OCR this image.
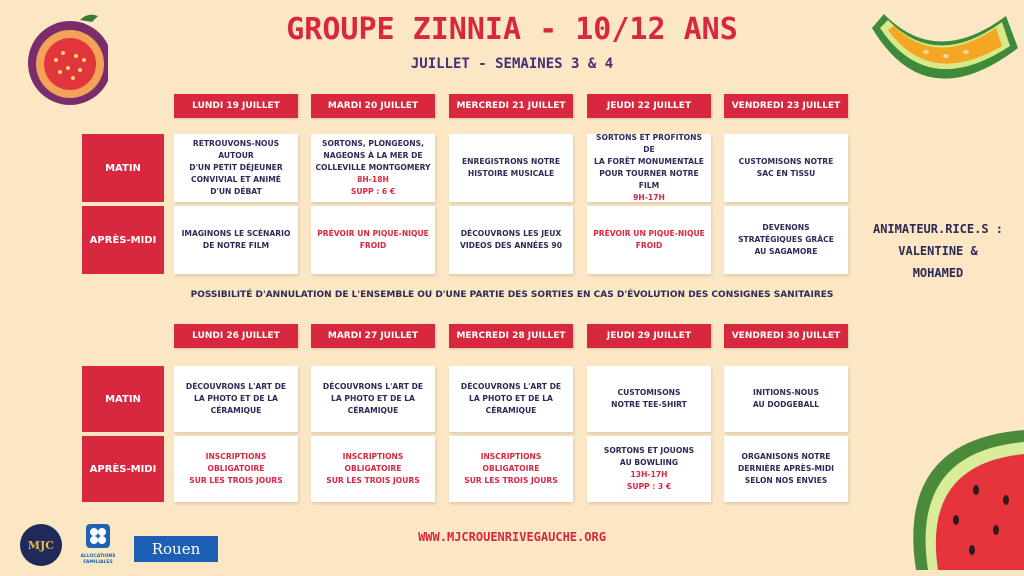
GROUPE ZINNIA - 10/12 ANS
JUILLET - SEMAINES 3 & 4
MATIN
APRÈS-MIDI
LUNDI 19 JUILLET
RETROUVONS-NOUS AUTOUR
D'UN PETIT DÉJEUNER
CONVIVIAL ET ANIMÉ
D'UN DÉBAT
IMAGINONS LE SCÉNARIO
DE NOTRE FILM
MARDI 20 JUILLET
SORTONS, PLONGEONS,
NAGEONS À LA MER DE
COLLEVILLE MONTGOMERY
8H-18H
SUPP : 6 €
PRÉVOIR UN PIQUE-NIQUE
FROID
MERCREDI 21 JUILLET
ENREGISTRONS NOTRE
HISTOIRE MUSICALE
DÉCOUVRONS LES JEUX
VIDEOS DES ANNÉES 90
JEUDI 22 JUILLET
SORTONS ET PROFITONS DE
LA FORÊT MONUMENTALE
POUR TOURNER NOTRE FILM
9H-17H
PRÉVOIR UN PIQUE-NIQUE
FROID
VENDREDI 23 JUILLET
CUSTOMISONS NOTRE
SAC EN TISSU
DEVENONS
STRATÉGIQUES GRÂCE
AU SAGAMORE
POSSIBILITÉ D'ANNULATION DE L'ENSEMBLE OU D'UNE PARTIE DES SORTIES EN CAS D'ÉVOLUTION DES CONSIGNES SANITAIRES
MATIN
APRÈS-MIDI
LUNDI 26 JUILLET
DÉCOUVRONS L'ART DE
LA PHOTO ET DE LA
CÉRAMIQUE
INSCRIPTIONS OBLIGATOIRE
SUR LES TROIS JOURS
MARDI 27 JUILLET
DÉCOUVRONS L'ART DE
LA PHOTO ET DE LA
CÉRAMIQUE
INSCRIPTIONS OBLIGATOIRE
SUR LES TROIS JOURS
MERCREDI 28 JUILLET
DÉCOUVRONS L'ART DE
LA PHOTO ET DE LA
CÉRAMIQUE
INSCRIPTIONS OBLIGATOIRE
SUR LES TROIS JOURS
JEUDI 29 JUILLET
CUSTOMISONS
NOTRE TEE-SHIRT
SORTONS ET JOUONS
AU BOWLIING
13H-17H
SUPP : 3 €
VENDREDI 30 JUILLET
INITIONS-NOUS
AU DODGEBALL
ORGANISONS NOTRE
DERNIÈRE APRÈS-MIDI
SELON NOS ENVIES
ANIMATEUR.RICE.S :
VALENTINE &
MOHAMED
MJC
ALLOCATIONS FAMILIALES
Rouen
WWW.MJCROUENRIVEGAUCHE.ORG
